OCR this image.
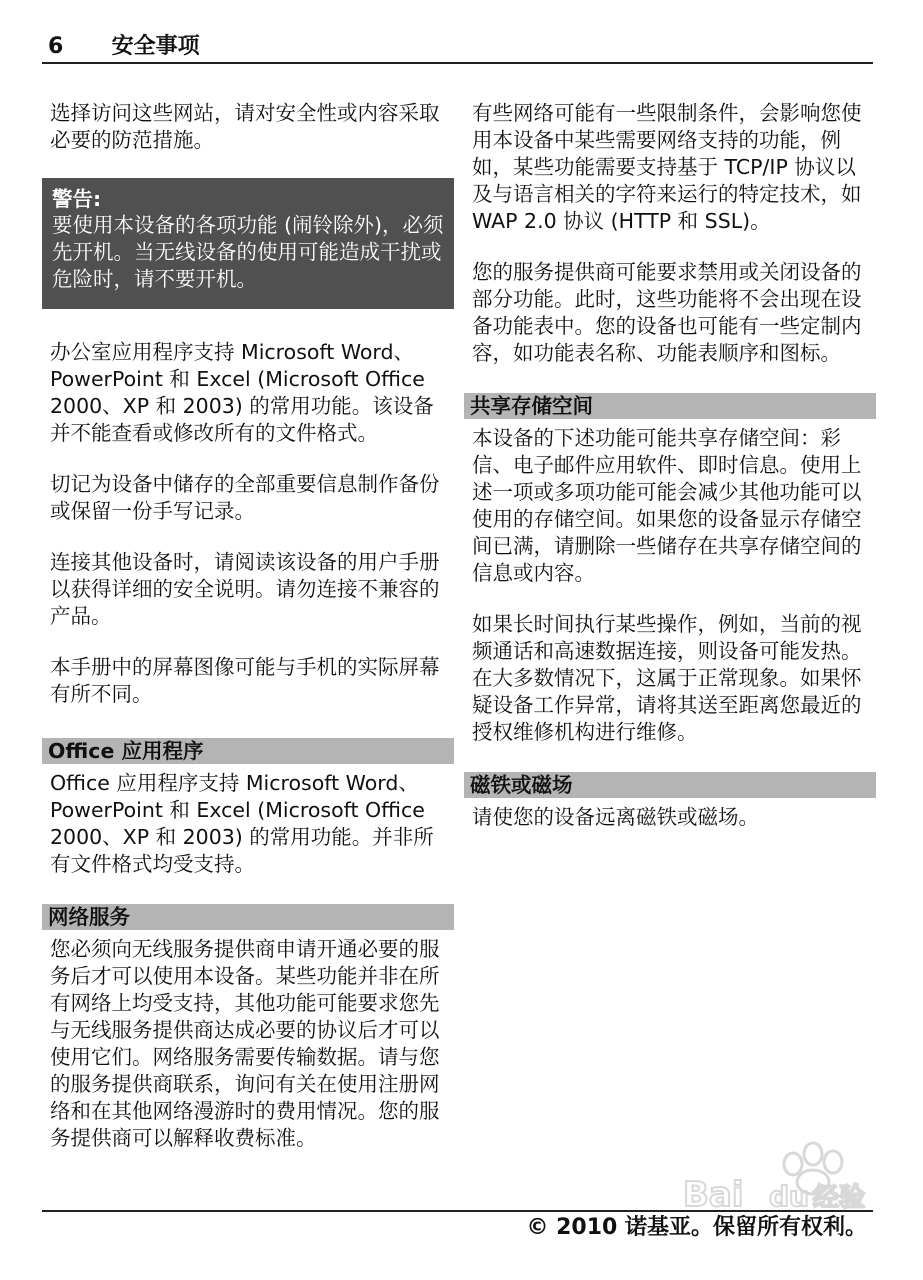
6 安全事项

选择访问这些网站，请对安全性或内容采取必要的防范措施。

警告:
要使用本设备的各项功能 (闹铃除外)，必须先开机。当无线设备的使用可能造成干扰或危险时，请不要开机。

办公室应用程序支持 Microsoft Word、PowerPoint 和 Excel (Microsoft Office 2000、XP 和 2003) 的常用功能。该设备并不能查看或修改所有的文件格式。

切记为设备中储存的全部重要信息制作备份或保留一份手写记录。

连接其他设备时，请阅读该设备的用户手册以获得详细的安全说明。请勿连接不兼容的产品。

本手册中的屏幕图像可能与手机的实际屏幕有所不同。

Office 应用程序

Office 应用程序支持 Microsoft Word、PowerPoint 和 Excel (Microsoft Office 2000、XP 和 2003) 的常用功能。并非所有文件格式均受支持。

网络服务

您必须向无线服务提供商申请开通必要的服务后才可以使用本设备。某些功能并非在所有网络上均受支持，其他功能可能要求您先与无线服务提供商达成必要的协议后才可以使用它们。网络服务需要传输数据。请与您的服务提供商联系，询问有关在使用注册网络和在其他网络漫游时的费用情况。您的服务提供商可以解释收费标准。

有些网络可能有一些限制条件，会影响您使用本设备中某些需要网络支持的功能，例如，某些功能需要支持基于 TCP/IP 协议以及与语言相关的字符来运行的特定技术，如 WAP 2.0 协议 (HTTP 和 SSL)。

您的服务提供商可能要求禁用或关闭设备的部分功能。此时，这些功能将不会出现在设备功能表中。您的设备也可能有一些定制内容，如功能表名称、功能表顺序和图标。

共享存储空间

本设备的下述功能可能共享存储空间：彩信、电子邮件应用软件、即时信息。使用上述一项或多项功能可能会减少其他功能可以使用的存储空间。如果您的设备显示存储空间已满，请删除一些储存在共享存储空间的信息或内容。

如果长时间执行某些操作，例如，当前的视频通话和高速数据连接，则设备可能发热。在大多数情况下，这属于正常现象。如果怀疑设备工作异常，请将其送至距离您最近的授权维修机构进行维修。

磁铁或磁场

请使您的设备远离磁铁或磁场。

Bai du 经验
© 2010 诺基亚。保留所有权利。
